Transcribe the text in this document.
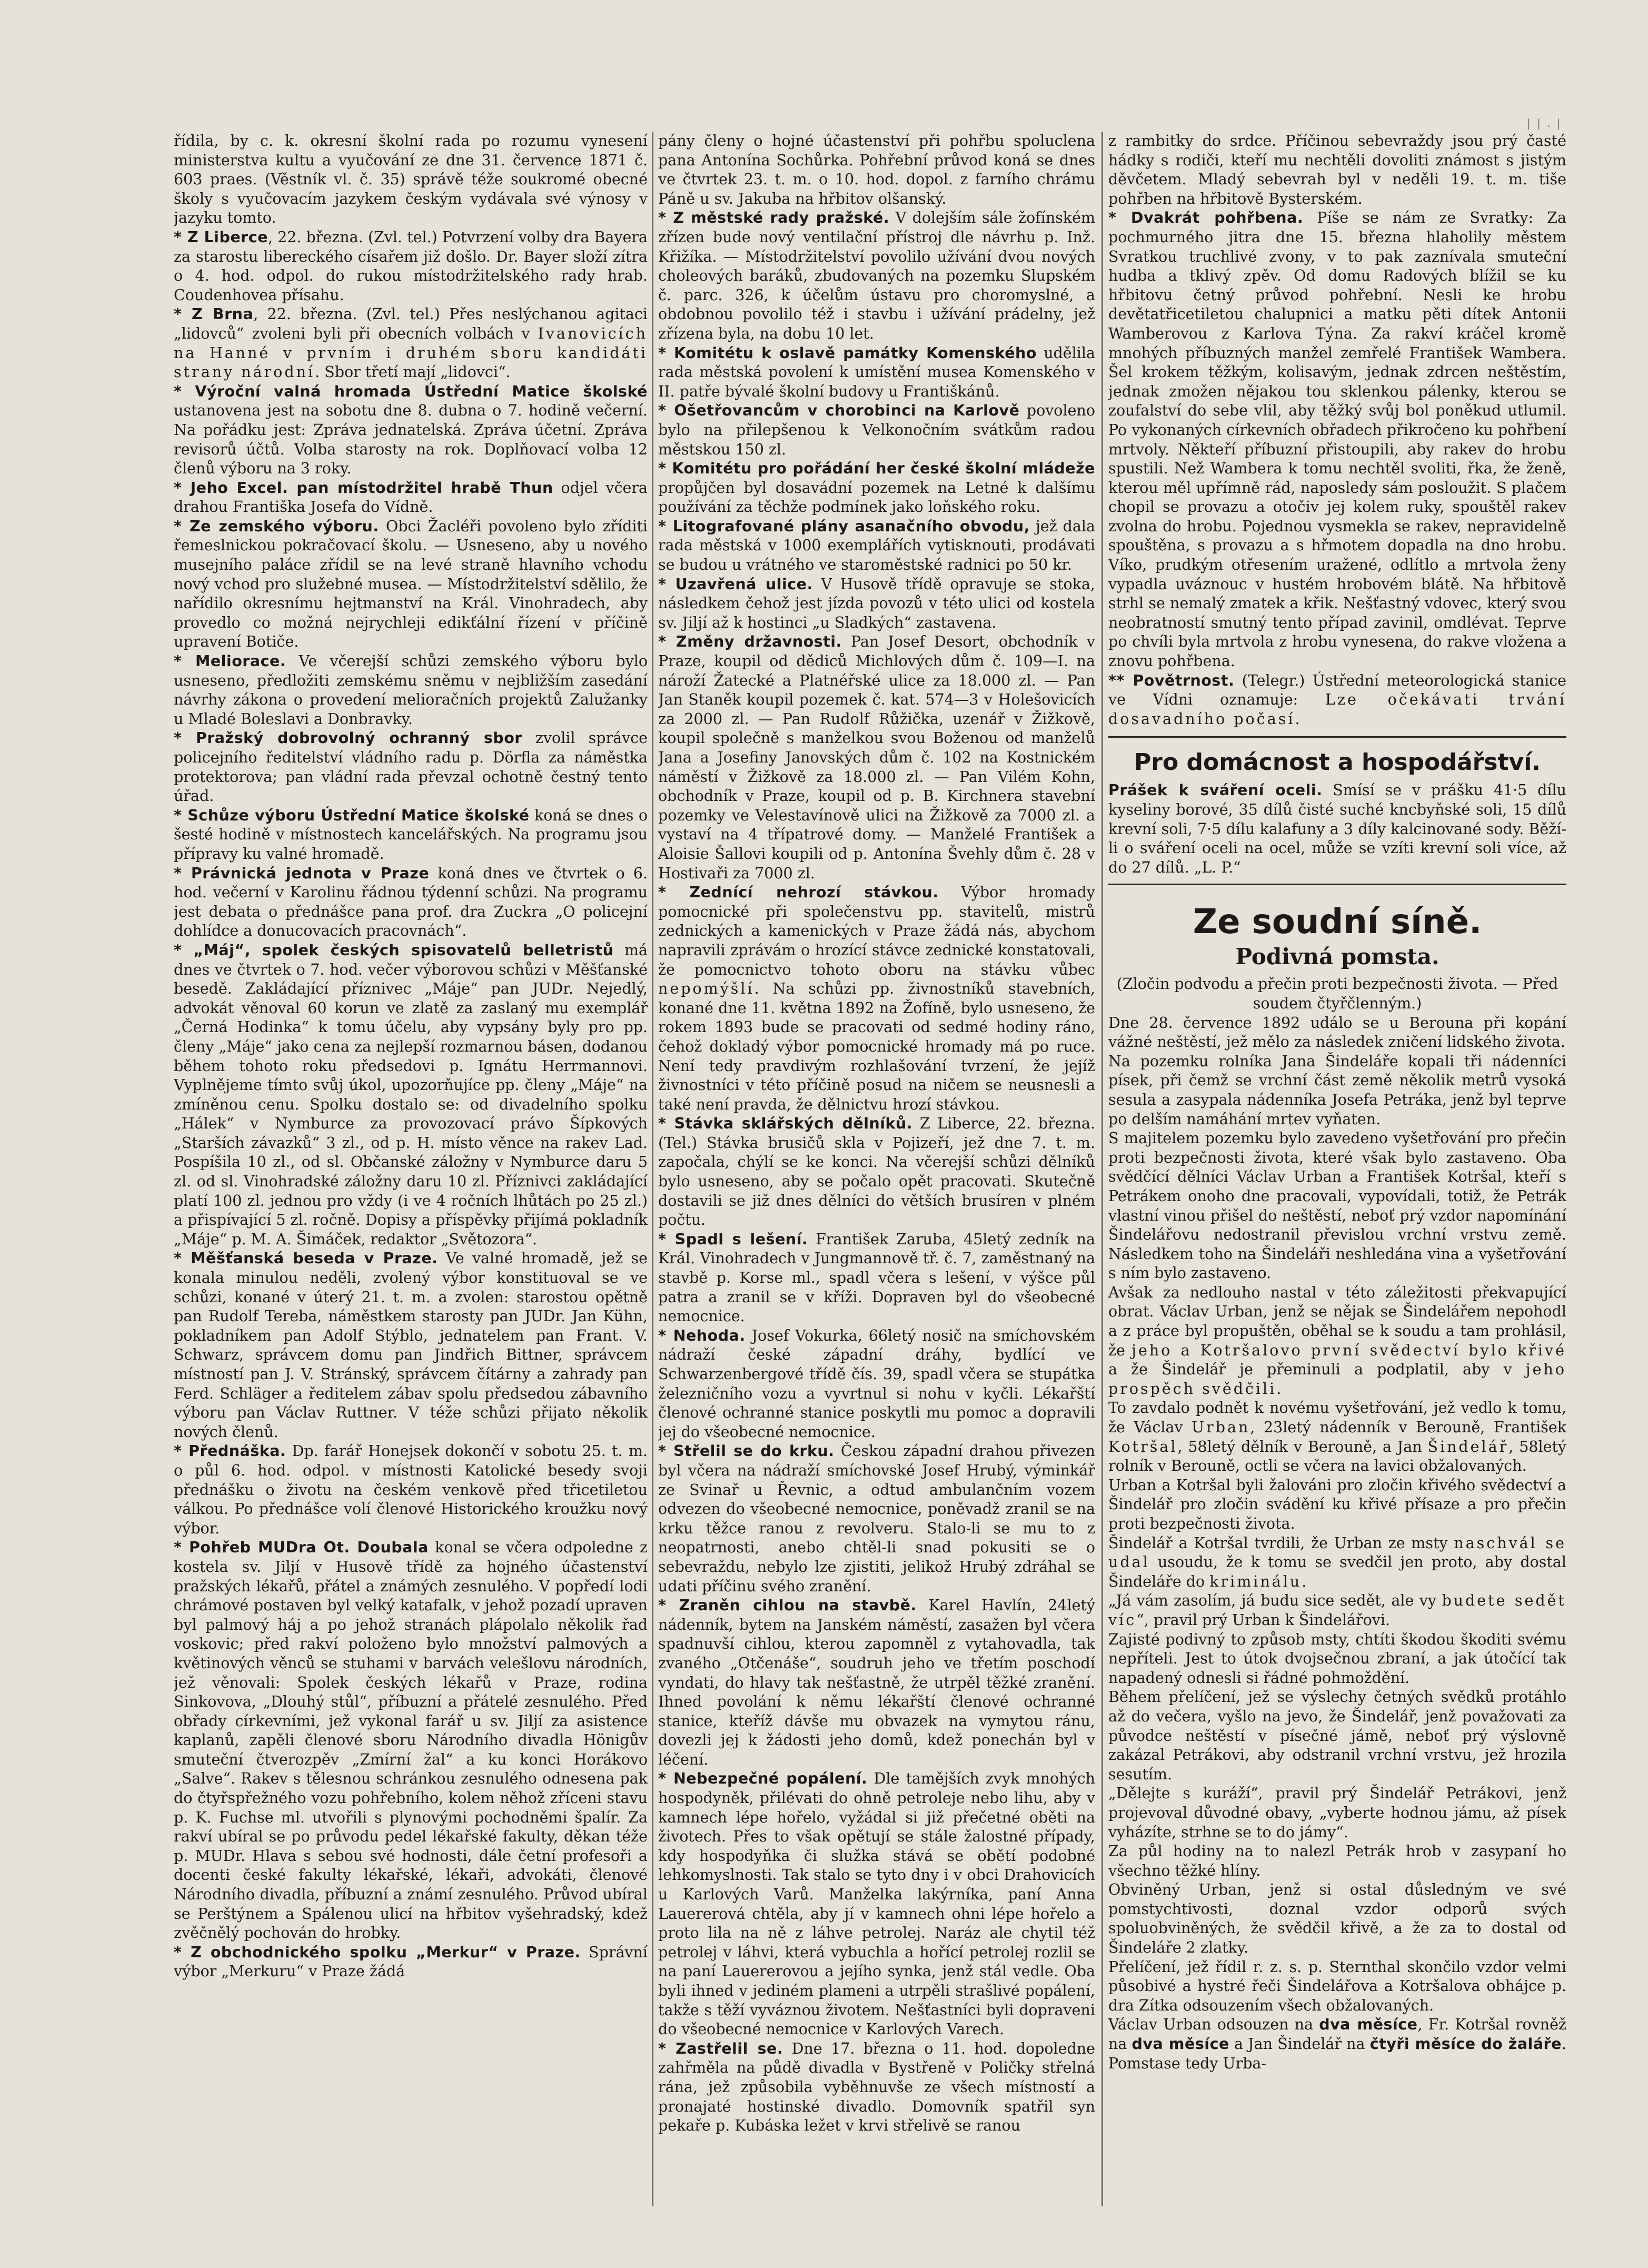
| | . |

řídila, by c. k. okresní školní rada po rozumu vynesení ministerstva kultu a vyučování ze dne 31. července 1871 č. 603 praes. (Věstník vl. č. 35) správě téže soukromé obecné školy s vyučovacím jazykem českým vydávala své výnosy v jazyku tomto.

* Z Liberce, 22. března. (Zvl. tel.) Potvrzení volby dra Bayera za starostu libereckého císařem již došlo. Dr. Bayer složí zítra o 4. hod. odpol. do rukou místodržitelského rady hrab. Coudenhovea přísahu.

* Z Brna, 22. března. (Zvl. tel.) Přes neslýchanou agitaci „lidovců“ zvoleni byli při obecních volbách v Ivanovicích na Hanné v prvním i druhém sboru kandidáti strany národní. Sbor třetí mají „lidovci“.

* Výroční valná hromada Ústřední Matice školské ustanovena jest na sobotu dne 8. dubna o 7. hodině večerní. Na pořádku jest: Zpráva jednatelská. Zpráva účetní. Zpráva revisorů účtů. Volba starosty na rok. Doplňovací volba 12 členů výboru na 3 roky.

* Jeho Excel. pan místodržitel hrabě Thun odjel včera drahou Františka Josefa do Vídně.

* Ze zemského výboru. Obci Žacléři povoleno bylo zříditi řemeslnickou pokračovací školu. — Usneseno, aby u nového musejního paláce zřídil se na levé straně hlavního vchodu nový vchod pro služebné musea. — Místodržitelství sdělilo, že nařídilo okresnímu hejtmanství na Král. Vinohradech, aby provedlo co možná nejrychleji edikťální řízení v příčině upravení Botiče.

* Meliorace. Ve včerejší schůzi zemského výboru bylo usneseno, předložiti zemskému sněmu v nejbližším zasedání návrhy zákona o provedení melioračních projektů Zalužanky u Mladé Boleslavi a Donbravky.

* Pražský dobrovolný ochranný sbor zvolil správce policejního ředitelství vládního radu p. Dörfla za náměstka protektorova; pan vládní rada převzal ochotně čestný tento úřad.

* Schůze výboru Ústřední Matice školské koná se dnes o šesté hodině v místnostech kancelářských. Na programu jsou přípravy ku valné hromadě.

* Právnická jednota v Praze koná dnes ve čtvrtek o 6. hod. večerní v Karolinu řádnou týdenní schůzi. Na programu jest debata o přednášce pana prof. dra Zuckra „O policejní dohlídce a donucovacích pracovnách“.

* „Máj“, spolek českých spisovatelů belletristů má dnes ve čtvrtek o 7. hod. večer výborovou schůzi v Měšťanské besedě. Zakládající příznivec „Máje“ pan JUDr. Nejedlý, advokát věnoval 60 korun ve zlatě za zaslaný mu exemplář „Černá Hodinka“ k tomu účelu, aby vypsány byly pro pp. členy „Máje“ jako cena za nejlepší rozmarnou básen, dodanou během tohoto roku předsedovi p. Ignátu Herrmannovi. Vyplnějeme tímto svůj úkol, upozorňujíce pp. členy „Máje“ na zmíněnou cenu. Spolku dostalo se: od divadelního spolku „Hálek“ v Nymburce za provozovací právo Šípkových „Starších závazků“ 3 zl., od p. H. místo věnce na rakev Lad. Pospíšila 10 zl., od sl. Občanské záložny v Nymburce daru 5 zl. od sl. Vinohradské záložny daru 10 zl. Příznivci zakládající platí 100 zl. jednou pro vždy (i ve 4 ročních lhůtách po 25 zl.) a přispívající 5 zl. ročně. Dopisy a příspěvky přijímá pokladník „Máje“ p. M. A. Šimáček, redaktor „Světozora“.

* Měšťanská beseda v Praze. Ve valné hromadě, jež se konala minulou neděli, zvolený výbor konstituoval se ve schůzi, konané v úterý 21. t. m. a zvolen: starostou opětně pan Rudolf Tereba, náměstkem starosty pan JUDr. Jan Kühn, pokladníkem pan Adolf Stýblo, jednatelem pan Frant. V. Schwarz, správcem domu pan Jindřich Bittner, správcem místností pan J. V. Stránský, správcem čítárny a zahrady pan Ferd. Schläger a ředitelem zábav spolu předsedou zábavního výboru pan Václav Ruttner. V téže schůzi přijato několik nových členů.

* Přednáška. Dp. farář Honejsek dokončí v sobotu 25. t. m. o půl 6. hod. odpol. v místnosti Katolické besedy svoji přednášku o životu na českém venkově před třicetiletou válkou. Po přednášce volí členové Historického kroužku nový výbor.

* Pohřeb MUDra Ot. Doubala konal se včera odpoledne z kostela sv. Jiljí v Husově třídě za hojného účastenství pražských lékařů, přátel a známých zesnulého. V popředí lodi chrámové postaven byl velký katafalk, v jehož pozadí upraven byl palmový háj a po jehož stranách plápolalo několik řad voskovic; před rakví položeno bylo množství palmových a květinových věnců se stuhami v barvách velešlovu národních, jež věnovali: Spolek českých lékařů v Praze, rodina Sinkovova, „Dlouhý stůl“, příbuzní a přátelé zesnulého. Před obřady církevními, jež vykonal farář u sv. Jiljí za asistence kaplanů, zapěli členové sboru Národního divadla Hönigův smuteční čtverozpěv „Zmírní žal“ a ku konci Horákovo „Salve“. Rakev s tělesnou schránkou zesnulého odnesena pak do čtyřspřežného vozu pohřebního, kolem něhož zříceni stavu p. K. Fuchse ml. utvořili s plynovými pochodněmi špalír. Za rakví ubíral se po průvodu pedel lékařské fakulty, děkan téže p. MUDr. Hlava s sebou své hodnosti, dále četní profesoři a docenti české fakulty lékařské, lékaři, advokáti, členové Národního divadla, příbuzní a známí zesnulého. Průvod ubíral se Perštýnem a Spálenou ulicí na hřbitov vyšehradský, kdež zvěčnělý pochován do hrobky.

* Z obchodnického spolku „Merkur“ v Praze. Správní výbor „Merkuru“ v Praze žádá

pány členy o hojné účastenství při pohřbu spoluclena pana Antonína Sochůrka. Pohřební průvod koná se dnes ve čtvrtek 23. t. m. o 10. hod. dopol. z farního chrámu Páně u sv. Jakuba na hřbitov olšanský.

* Z městské rady pražské. V dolejším sále žofínském zřízen bude nový ventilační přístroj dle návrhu p. Inž. Křižíka. — Místodržitelství povolilo užívání dvou nových choleových baráků, zbudovaných na pozemku Slupském č. parc. 326, k účelům ústavu pro choromyslné, a obdobnou povolilo též i stavbu i užívání prádelny, jež zřízena byla, na dobu 10 let.

* Komitétu k oslavě památky Komenského udělila rada městská povolení k umístění musea Komenského v II. patře bývalé školní budovy u Františkánů.

* Ošetřovancům v chorobinci na Karlově povoleno bylo na přilepšenou k Velkonočním svátkům radou městskou 150 zl.

* Komitétu pro pořádání her české školní mládeže propůjčen byl dosavádní pozemek na Letné k dalšímu používání za těchže podmínek jako loňského roku.

* Litografované plány asanačního obvodu, jež dala rada městská v 1000 exemplářích vytisknouti, prodávati se budou u vrátného ve staroměstské radnici po 50 kr.

* Uzavřená ulice. V Husově třídě opravuje se stoka, následkem čehož jest jízda povozů v této ulici od kostela sv. Jiljí až k hostinci „u Sladkých“ zastavena.

* Změny državnosti. Pan Josef Desort, obchodník v Praze, koupil od dědiců Michlových dům č. 109—I. na nároží Žatecké a Platnéřské ulice za 18.000 zl. — Pan Jan Staněk koupil pozemek č. kat. 574—3 v Holešovicích za 2000 zl. — Pan Rudolf Růžička, uzenář v Žižkově, koupil společně s manželkou svou Boženou od manželů Jana a Josefiny Janovských dům č. 102 na Kostnickém náměstí v Žižkově za 18.000 zl. — Pan Vilém Kohn, obchodník v Praze, koupil od p. B. Kirchnera stavební pozemky ve Velestavínově ulici na Žižkově za 7000 zl. a vystaví na 4 třípatrové domy. — Manželé František a Aloisie Šallovi koupili od p. Antonína Švehly dům č. 28 v Hostivaři za 7000 zl.

* Zednící nehrozí stávkou. Výbor hromady pomocnické při společenstvu pp. stavitelů, mistrů zednických a kamenických v Praze žádá nás, abychom napravili zprávám o hrozící stávce zednické konstatovali, že pomocnictvo tohoto oboru na stávku vůbec nepomýšlí. Na schůzi pp. živnostníků stavebních, konané dne 11. května 1892 na Žofíně, bylo usneseno, že rokem 1893 bude se pracovati od sedmé hodiny ráno, čehož dokladý výbor pomocnické hromady má po ruce. Není tedy pravdivým rozhlašování tvrzení, že jejíž živnostníci v této příčině posud na ničem se neusnesli a také není pravda, že dělnictvu hrozí stávkou.

* Stávka sklářských dělníků. Z Liberce, 22. března. (Tel.) Stávka brusičů skla v Pojizeří, jež dne 7. t. m. započala, chýlí se ke konci. Na včerejší schůzi dělníků bylo usneseno, aby se počalo opět pracovati. Skutečně dostavili se již dnes dělníci do větších brusíren v plném počtu.

* Spadl s lešení. František Zaruba, 45letý zedník na Král. Vinohradech v Jungmannově tř. č. 7, zaměstnaný na stavbě p. Korse ml., spadl včera s lešení, v výšce půl patra a zranil se v kříži. Dopraven byl do všeobecné nemocnice.

* Nehoda. Josef Vokurka, 66letý nosič na smíchovském nádraží české západní dráhy, bydlící ve Schwarzenbergové třídě čís. 39, spadl včera se stupátka železničního vozu a vyvrtnul si nohu v kyčli. Lékařští členové ochranné stanice poskytli mu pomoc a dopravili jej do všeobecné nemocnice.

* Střelil se do krku. Českou západní drahou přivezen byl včera na nádraží smíchovské Josef Hrubý, výminkář ze Svinař u Řevnic, a odtud ambulančním vozem odvezen do všeobecné nemocnice, poněvadž zranil se na krku těžce ranou z revolveru. Stalo-li se mu to z neopatrnosti, anebo chtěl-li snad pokusiti se o sebevraždu, nebylo lze zjistiti, jelikož Hrubý zdráhal se udati příčinu svého zranění.

* Zraněn cihlou na stavbě. Karel Havlín, 24letý nádenník, bytem na Janském náměstí, zasažen byl včera spadnuvší cihlou, kterou zapomněl z vytahovadla, tak zvaného „Otčenáše“, soudruh jeho ve třetím poschodí vyndati, do hlavy tak nešťastně, že utrpěl těžké zranění. Ihned povolání k němu lékařští členové ochranné stanice, kteříž dávše mu obvazek na vymytou ránu, dovezli jej k žádosti jeho domů, kdež ponechán byl v léčení.

* Nebezpečné popálení. Dle tamějších zvyk mnohých hospodyněk, přilévati do ohně petroleje nebo lihu, aby v kamnech lépe hořelo, vyžádal si již přečetné oběti na životech. Přes to však opětují se stále žalostné případy, kdy hospodyňka či služka stává se obětí podobné lehkomyslnosti. Tak stalo se tyto dny i v obci Drahovicích u Karlových Varů. Manželka lakýrníka, paní Anna Lauererová chtěla, aby jí v kamnech ohni lépe hořelo a proto lila na ně z láhve petrolej. Naráz ale chytil též petrolej v láhvi, která vybuchla a hořící petrolej rozlil se na paní Lauererovou a jejího synka, jenž stál vedle. Oba byli ihned v jediném plameni a utrpěli strašlivé popálení, takže s těží vyváznou životem. Nešťastníci byli dopraveni do všeobecné nemocnice v Karlových Varech.

* Zastřelil se. Dne 17. března o 11. hod. dopoledne zahřměla na půdě divadla v Bystřeně v Poličky střelná rána, jež způsobila vyběhnuvše ze všech místností a pronajaté hostinské divadlo. Domovník spatřil syn pekaře p. Kubáska ležet v krvi střelivě se ranou

z rambitky do srdce. Příčinou sebevraždy jsou prý časté hádky s rodiči, kteří mu nechtěli dovoliti známost s jistým děvčetem. Mladý sebevrah byl v neděli 19. t. m. tiše pohřben na hřbitově Bysterském.

* Dvakrát pohřbena. Píše se nám ze Svratky: Za pochmurného jitra dne 15. března hlaholily městem Svratkou truchlivé zvony, v to pak zaznívala smuteční hudba a tklivý zpěv. Od domu Radových blížil se ku hřbitovu četný průvod pohřební. Nesli ke hrobu devětatřicetiletou chalupnici a matku pěti dítek Antonii Wamberovou z Karlova Týna. Za rakví kráčel kromě mnohých příbuzných manžel zemřelé František Wambera. Šel krokem těžkým, kolisavým, jednak zdrcen neštěstím, jednak zmožen nějakou tou sklenkou pálenky, kterou se zoufalství do sebe vlil, aby těžký svůj bol poněkud utlumil. Po vykonaných církevních obřadech přikročeno ku pohřbení mrtvoly. Někteří příbuzní přistoupili, aby rakev do hrobu spustili. Než Wambera k tomu nechtěl svoliti, řka, že ženě, kterou měl upřímně rád, naposledy sám posloužit. S plačem chopil se provazu a otočiv jej kolem ruky, spouštěl rakev zvolna do hrobu. Pojednou vysmekla se rakev, nepravidelně spouštěna, s provazu a s hřmotem dopadla na dno hrobu. Víko, prudkým otřesením uražené, odlítlo a mrtvola ženy vypadla uváznouc v hustém hrobovém blátě. Na hřbitově strhl se nemalý zmatek a křik. Nešťastný vdovec, který svou neobratností smutný tento případ zavinil, omdlévat. Teprve po chvíli byla mrtvola z hrobu vynesena, do rakve vložena a znovu pohřbena.

** Povětrnost. (Telegr.) Ústřední meteorologická stanice ve Vídni oznamuje: Lze očekávati trvání dosavadního počasí.

Pro domácnost a hospodářství.

Prášek k sváření oceli. Smísí se v prášku 41·5 dílu kyseliny borové, 35 dílů čisté suché kncbyňské soli, 15 dílů krevní soli, 7·5 dílu kalafuny a 3 díly kalcinované sody. Běží-li o sváření oceli na ocel, může se vzíti krevní soli více, až do 27 dílů. „L. P.“

Ze soudní síně.

Podivná pomsta.

(Zločin podvodu a přečin proti bezpečnosti života. — Před soudem čtyřčlenným.)

Dne 28. července 1892 událo se u Berouna při kopání vážné neštěstí, jež mělo za následek zničení lidského života.

Na pozemku rolníka Jana Šindeláře kopali tři nádenníci písek, při čemž se vrchní část země několik metrů vysoká sesula a zasypala nádenníka Josefa Petráka, jenž byl teprve po delším namáhání mrtev vyňaten.

S majitelem pozemku bylo zavedeno vyšetřování pro přečin proti bezpečnosti života, které však bylo zastaveno. Oba svědčící dělníci Václav Urban a František Kotršal, kteří s Petrákem onoho dne pracovali, vypovídali, totiž, že Petrák vlastní vinou přišel do neštěstí, neboť prý vzdor napomínání Šindelářovu nedostranil převislou vrchní vrstvu země. Následkem toho na Šindeláři neshledána vina a vyšetřování s ním bylo zastaveno.

Avšak za nedlouho nastal v této záležitosti překvapující obrat. Václav Urban, jenž se nějak se Šindelářem nepohodl a z práce byl propuštěn, oběhal se k soudu a tam prohlásil, že jeho a Kotršalovo první svědectví bylo křivé a že Šindelář je přeminuli a podplatil, aby v jeho prospěch svědčili.

To zavdalo podnět k novému vyšetřování, jež vedlo k tomu, že Václav Urban, 23letý nádenník v Berouně, František Kotršal, 58letý dělník v Berouně, a Jan Šindelář, 58letý rolník v Berouně, octli se včera na lavici obžalovaných.

Urban a Kotršal byli žalováni pro zločin křivého svědectví a Šindelář pro zločin svádění ku křivé přísaze a pro přečin proti bezpečnosti života.

Šindelář a Kotršal tvrdili, že Urban ze msty naschvál se udal usoudu, že k tomu se svedčil jen proto, aby dostal Šindeláře do kriminálu.

„Já vám zasolím, já budu sice sedět, ale vy budete sedět víc“, pravil prý Urban k Šindelářovi.

Zajisté podivný to způsob msty, chtíti škodou škoditi svému nepříteli. Jest to útok dvojsečnou zbraní, a jak útočící tak napadený odnesli si řádné pohmoždění.

Během přelíčení, jež se výslechy četných svědků protáhlo až do večera, vyšlo na jevo, že Šindelář, jenž považovati za původce neštěstí v písečné jámě, neboť prý výslovně zakázal Petrákovi, aby odstranil vrchní vrstvu, jež hrozila sesutím.

„Dělejte s kuráží“, pravil prý Šindelář Petrákovi, jenž projevoval důvodné obavy, „vyberte hodnou jámu, až písek vyházíte, strhne se to do jámy“.

Za půl hodiny na to nalezl Petrák hrob v zasypaní ho všechno těžké hlíny.

Obviněný Urban, jenž si ostal důsledným ve své pomstychtivosti, doznal vzdor odporů svých spoluobviněných, že svědčil křivě, a že za to dostal od Šindeláře 2 zlatky.

Přelíčení, jež řídil r. z. s. p. Sternthal skončilo vzdor velmi působivé a hystré řeči Šindelářova a Kotršalova obhájce p. dra Zítka odsouzením všech obžalovaných.

Václav Urban odsouzen na dva měsíce, Fr. Kotršal rovněž na dva měsíce a Jan Šindelář na čtyři měsíce do žaláře. Pomstase tedy Urba-
